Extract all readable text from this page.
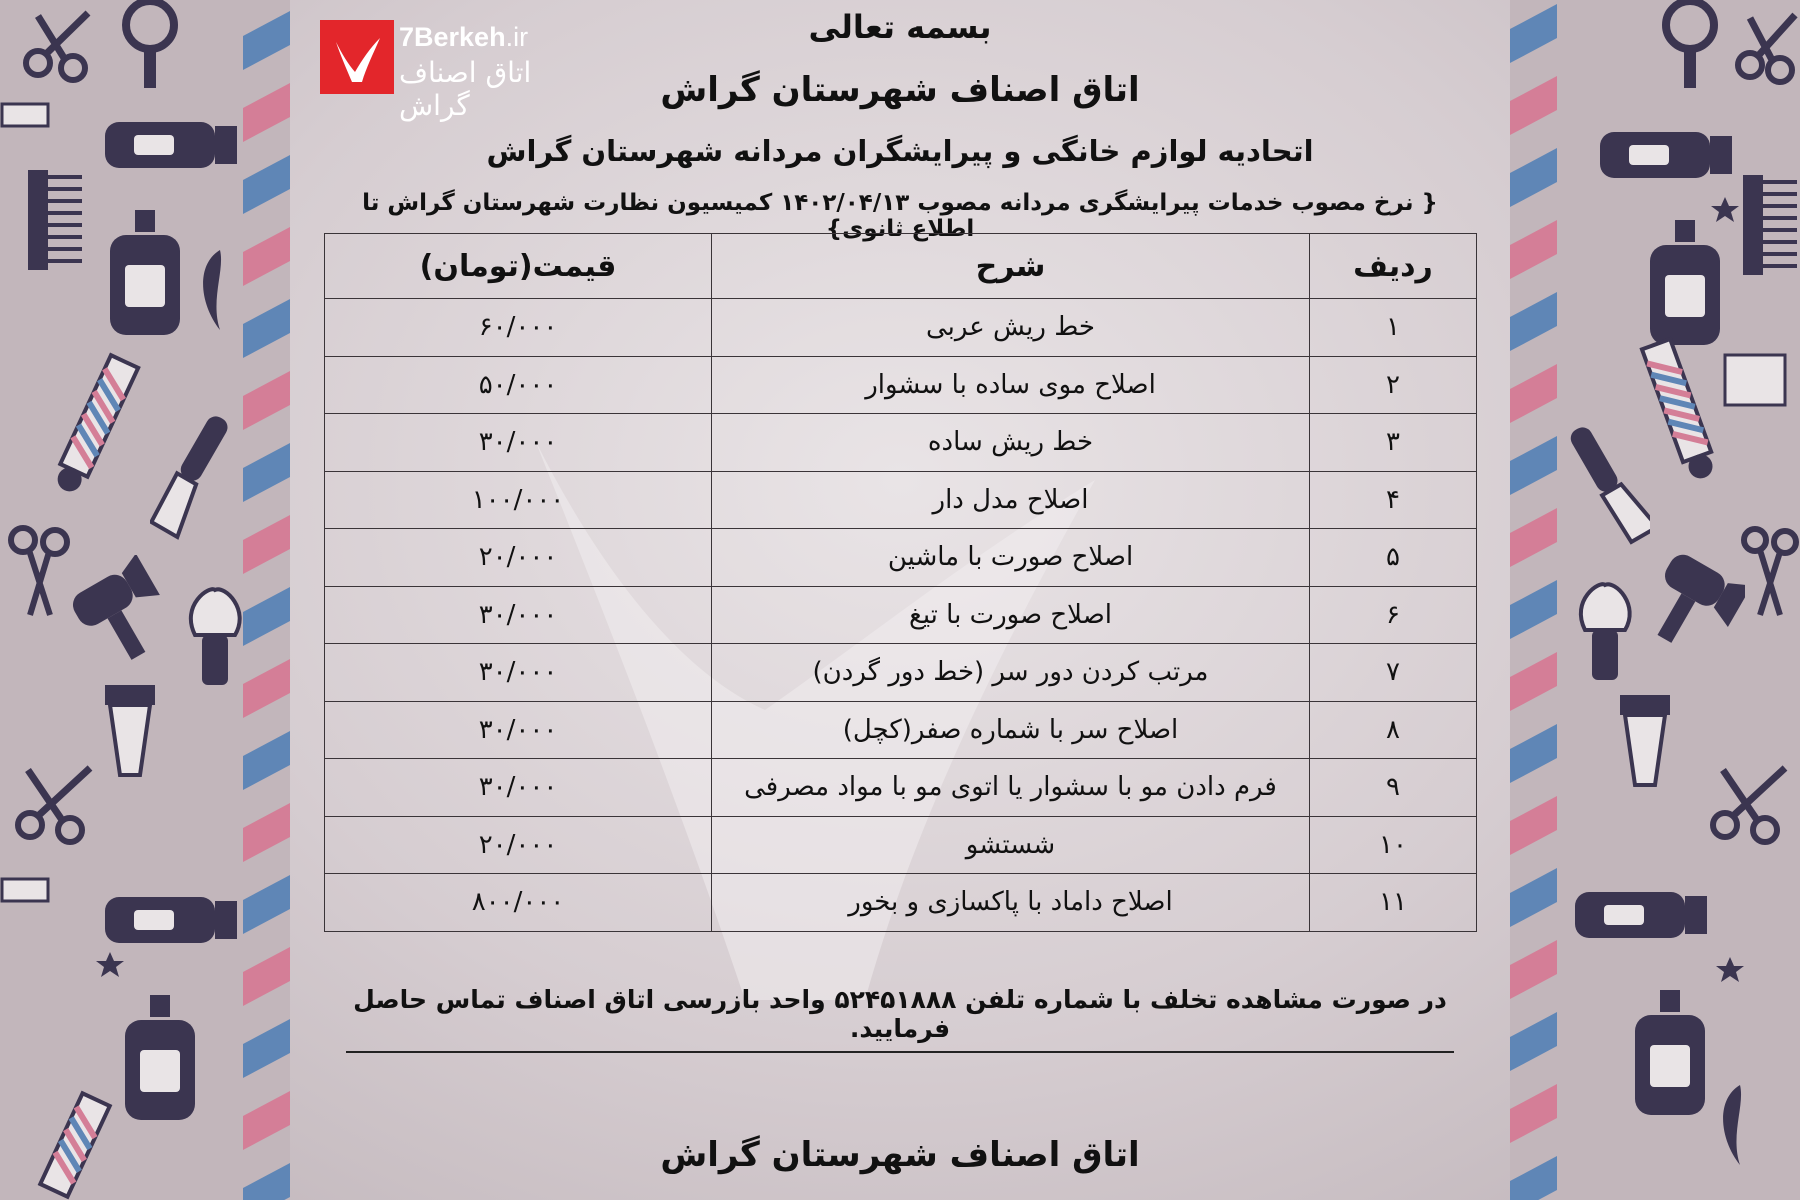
7Berkeh.ir
اتاق اصناف گراش
بسمه تعالی
اتاق اصناف شهرستان گراش
اتحادیه لوازم خانگی و پیرایشگران مردانه شهرستان گراش
{ نرخ مصوب خدمات پیرایشگری مردانه مصوب ۱۴۰۲/۰۴/۱۳ کمیسیون نظارت شهرستان گراش تا اطلاع ثانوی}
ردیف	شرح	قیمت(تومان)
۱	خط ریش عربی	۶۰/۰۰۰
۲	اصلاح موی ساده با سشوار	۵۰/۰۰۰
۳	خط ریش ساده	۳۰/۰۰۰
۴	اصلاح مدل دار	۱۰۰/۰۰۰
۵	اصلاح صورت با ماشین	۲۰/۰۰۰
۶	اصلاح صورت با تیغ	۳۰/۰۰۰
۷	مرتب کردن دور سر (خط دور گردن)	۳۰/۰۰۰
۸	اصلاح سر با شماره صفر(کچل)	۳۰/۰۰۰
۹	فرم دادن مو با سشوار یا اتوی مو با مواد مصرفی	۳۰/۰۰۰
۱۰	شستشو	۲۰/۰۰۰
۱۱	اصلاح داماد با پاکسازی و بخور	۸۰۰/۰۰۰
در صورت مشاهده تخلف با شماره تلفن ۵۲۴۵۱۸۸۸ واحد بازرسی اتاق اصناف تماس حاصل فرمایید.
اتاق اصناف شهرستان گراش
